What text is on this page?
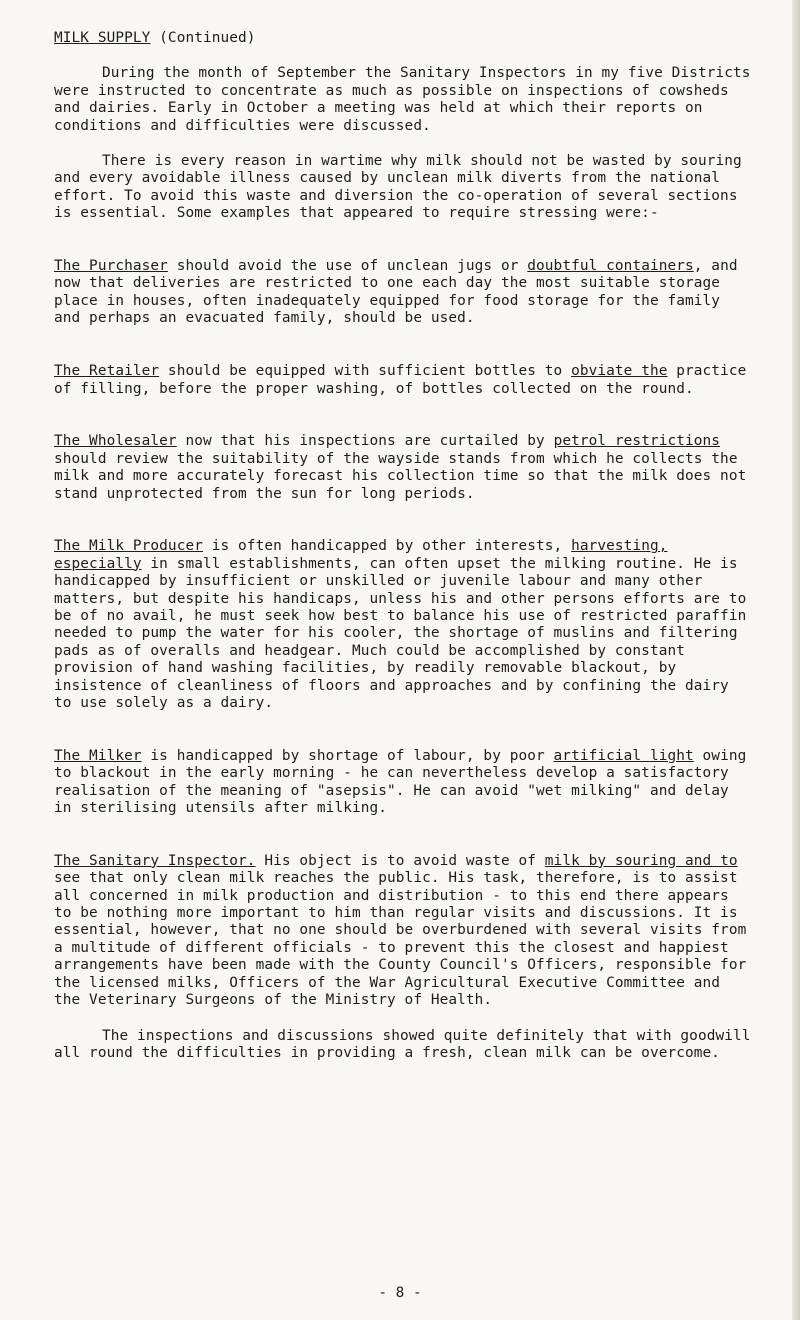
MILK SUPPLY (Continued)

During the month of September the Sanitary Inspectors in my five Districts were instructed to concentrate as much as possible on inspections of cowsheds and dairies. Early in October a meeting was held at which their reports on conditions and difficulties were discussed.

There is every reason in wartime why milk should not be wasted by souring and every avoidable illness caused by unclean milk diverts from the national effort. To avoid this waste and diversion the co-operation of several sections is essential. Some examples that appeared to require stressing were:-

The Purchaser should avoid the use of unclean jugs or doubtful containers, and now that deliveries are restricted to one each day the most suitable storage place in houses, often inadequately equipped for food storage for the family and perhaps an evacuated family, should be used.

The Retailer should be equipped with sufficient bottles to obviate the practice of filling, before the proper washing, of bottles collected on the round.

The Wholesaler now that his inspections are curtailed by petrol restrictions should review the suitability of the wayside stands from which he collects the milk and more accurately forecast his collection time so that the milk does not stand unprotected from the sun for long periods.

The Milk Producer is often handicapped by other interests, harvesting, especially in small establishments, can often upset the milking routine. He is handicapped by insufficient or unskilled or juvenile labour and many other matters, but despite his handicaps, unless his and other persons efforts are to be of no avail, he must seek how best to balance his use of restricted paraffin needed to pump the water for his cooler, the shortage of muslins and filtering pads as of overalls and headgear. Much could be accomplished by constant provision of hand washing facilities, by readily removable blackout, by insistence of cleanliness of floors and approaches and by confining the dairy to use solely as a dairy.

The Milker is handicapped by shortage of labour, by poor artificial light owing to blackout in the early morning - he can nevertheless develop a satisfactory realisation of the meaning of "asepsis". He can avoid "wet milking" and delay in sterilising utensils after milking.

The Sanitary Inspector. His object is to avoid waste of milk by souring and to see that only clean milk reaches the public. His task, therefore, is to assist all concerned in milk production and distribution - to this end there appears to be nothing more important to him than regular visits and discussions. It is essential, however, that no one should be overburdened with several visits from a multitude of different officials - to prevent this the closest and happiest arrangements have been made with the County Council's Officers, responsible for the licensed milks, Officers of the War Agricultural Executive Committee and the Veterinary Surgeons of the Ministry of Health.

The inspections and discussions showed quite definitely that with goodwill all round the difficulties in providing a fresh, clean milk can be overcome.

- 8 -
